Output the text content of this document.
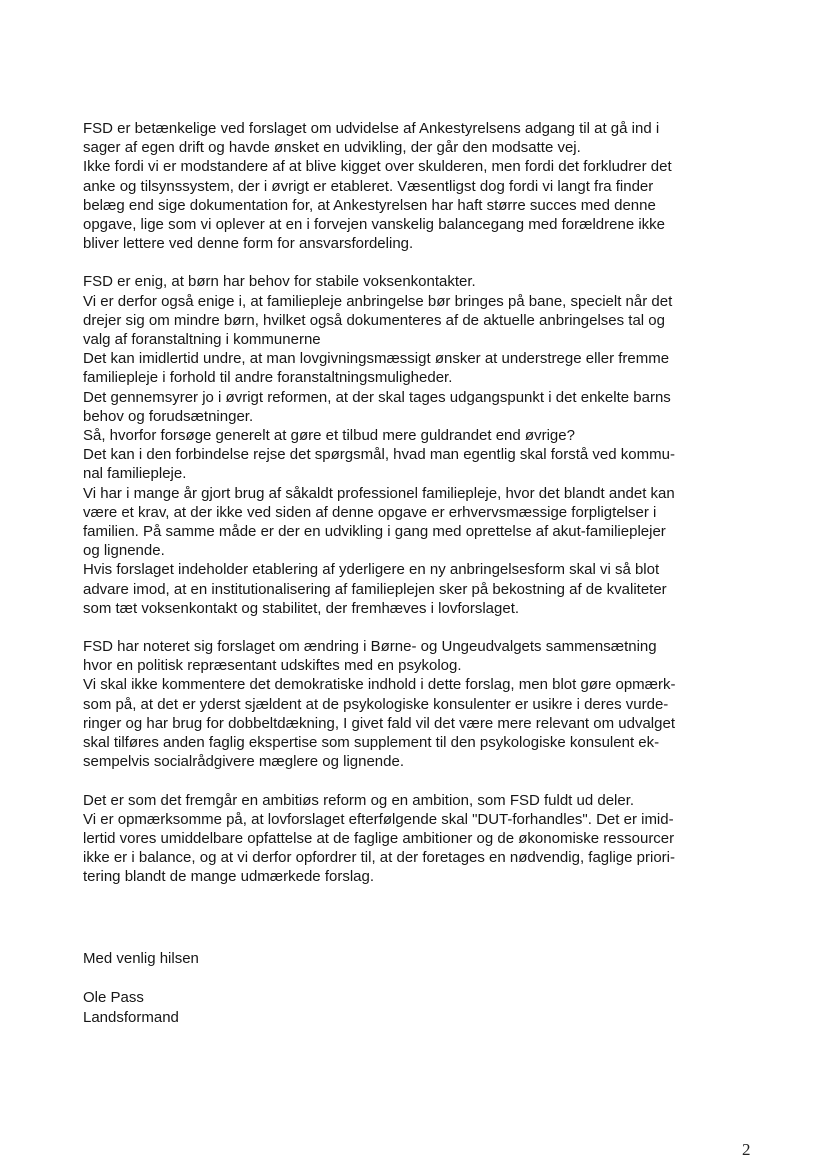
FSD er betænkelige ved forslaget om udvidelse af Ankestyrelsens adgang til at gå ind i
sager af egen drift og havde ønsket en udvikling, der går den modsatte vej.
Ikke fordi vi er modstandere af at blive kigget over skulderen, men fordi det forkludrer det
anke og tilsynssystem, der i øvrigt er etableret. Væsentligst dog fordi vi langt fra finder
belæg end sige dokumentation for, at Ankestyrelsen har haft større succes med denne
opgave, lige som vi oplever at en i forvejen vanskelig balancegang med forældrene ikke
bliver lettere ved denne form for ansvarsfordeling.

FSD er enig, at børn har behov for stabile voksenkontakter.
Vi er derfor også enige i, at familiepleje anbringelse bør bringes på bane, specielt når det
drejer sig om mindre børn, hvilket også dokumenteres af de aktuelle anbringelses tal og
valg af foranstaltning i kommunerne
Det kan imidlertid undre, at man lovgivningsmæssigt ønsker at understrege eller fremme
familiepleje i forhold til andre foranstaltningsmuligheder.
Det gennemsyrer jo i øvrigt reformen, at der skal tages udgangspunkt i det enkelte barns
behov og forudsætninger.
Så, hvorfor forsøge generelt at gøre et tilbud mere guldrandet end øvrige?
Det kan i den forbindelse rejse det spørgsmål, hvad man egentlig skal forstå ved kommu-
nal familiepleje.
Vi har i mange år gjort brug af såkaldt professionel familiepleje, hvor det blandt andet kan
være et krav, at der ikke ved siden af denne opgave er erhvervsmæssige forpligtelser i
familien. På samme måde er der en udvikling i gang med oprettelse af akut-familieplejer
og lignende.
Hvis forslaget indeholder etablering af yderligere en ny anbringelsesform skal vi så blot
advare imod, at en institutionalisering af familieplejen sker på bekostning af de kvaliteter
som tæt voksenkontakt og stabilitet, der fremhæves i lovforslaget.

FSD har noteret sig forslaget om ændring i Børne- og Ungeudvalgets sammensætning
hvor en politisk repræsentant udskiftes med en psykolog.
Vi skal ikke kommentere det demokratiske indhold i dette forslag, men blot gøre opmærk-
som på, at det er yderst sjældent at de psykologiske konsulenter er usikre i deres vurde-
ringer og har brug for dobbeltdækning, I givet fald vil det være mere relevant om udvalget
skal tilføres anden faglig ekspertise som supplement til den psykologiske konsulent ek-
sempelvis socialrådgivere mæglere og lignende.

Det er som det fremgår en ambitiøs reform og en ambition, som FSD fuldt ud deler.
Vi er opmærksomme på, at lovforslaget efterfølgende skal "DUT-forhandles". Det er imid-
lertid vores umiddelbare opfattelse at de faglige ambitioner og de økonomiske ressourcer
ikke er i balance, og at vi derfor opfordrer til, at der foretages en nødvendig, faglige priori-
tering blandt de mange udmærkede forslag.

Med venlig hilsen
Ole Pass
Landsformand
2
